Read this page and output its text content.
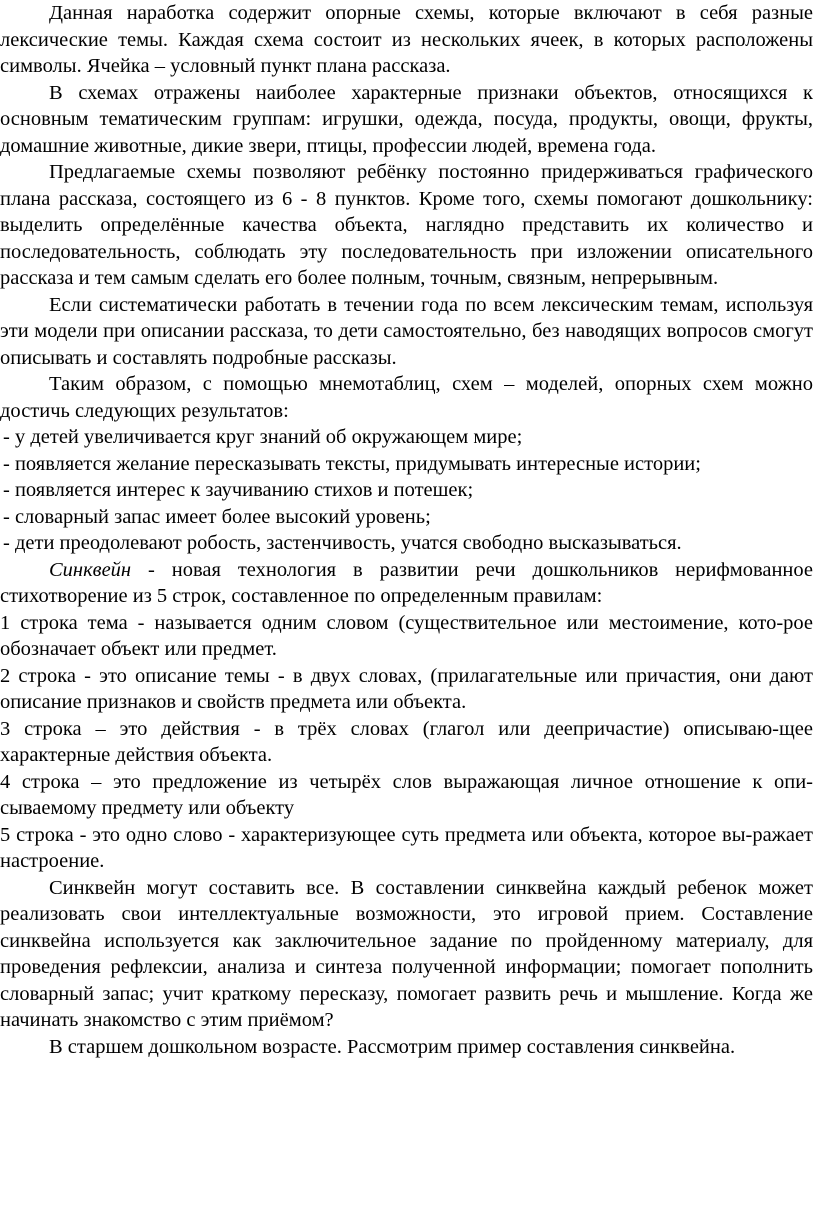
Данная наработка содержит опорные схемы, которые включают в себя разные лексические темы. Каждая схема состоит из нескольких ячеек, в которых расположены символы. Ячейка – условный пункт плана рассказа.

В схемах отражены наиболее характерные признаки объектов, относящихся к основным тематическим группам: игрушки, одежда, посуда, продукты, овощи, фрукты, домашние животные, дикие звери, птицы, профессии людей, времена года.

Предлагаемые схемы позволяют ребёнку постоянно придерживаться графического плана рассказа, состоящего из 6 - 8 пунктов. Кроме того, схемы помогают дошкольнику: выделить определённые качества объекта, наглядно представить их количество и последовательность, соблюдать эту последовательность при изложении описательного рассказа и тем самым сделать его более полным, точным, связным, непрерывным.

Если систематически работать в течении года по всем лексическим темам, используя эти модели при описании рассказа, то дети самостоятельно, без наводящих вопросов смогут описывать и составлять подробные рассказы.

Таким образом, с помощью мнемотаблиц, схем – моделей, опорных схем можно достичь следующих результатов:

- у детей увеличивается круг знаний об окружающем мире;

- появляется желание пересказывать тексты, придумывать интересные истории;

- появляется интерес к заучиванию стихов и потешек;

- словарный запас имеет более высокий уровень;

- дети преодолевают робость, застенчивость, учатся свободно высказываться.

Синквейн - новая технология в развитии речи дошкольников нерифмованное стихотворение из 5 строк, составленное по определенным правилам:

1 строка тема - называется одним словом (существительное или местоимение, кото-рое обозначает объект или предмет.

2 строка - это описание темы - в двух словах, (прилагательные или причастия, они дают описание признаков и свойств предмета или объекта.

3 строка – это действия - в трёх словах (глагол или деепричастие) описываю-щее характерные действия объекта.

4 строка – это предложение из четырёх слов выражающая личное отношение к опи-сываемому предмету или объекту

5 строка - это одно слово - характеризующее суть предмета или объекта, которое вы-ражает настроение.

Синквейн могут составить все. В составлении синквейна каждый ребенок может реализовать свои интеллектуальные возможности, это игровой прием. Составление синквейна используется как заключительное задание по пройденному материалу, для проведения рефлексии, анализа и синтеза полученной информации; помогает пополнить словарный запас; учит краткому пересказу, помогает развить речь и мышление. Когда же начинать знакомство с этим приёмом?

В старшем дошкольном возрасте. Рассмотрим пример составления синквейна.
